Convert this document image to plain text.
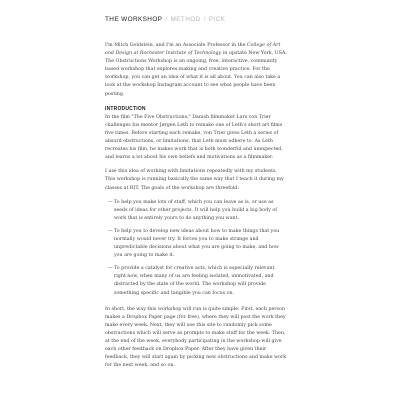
THE WORKSHOP / METHOD / PICK

I'm Mitch Goldstein, and I'm an Associate Professor in the College of Art and Design at Rochester Institute of Technology in upstate New York, USA. The Obstructions Workshop is an ongoing, free, interactive, community based workshop that explores making and creative practice. For the workshop, you can get an idea of what it is all about. You can also take a look at the workshop Instagram account to see what people have been posting.

INTRODUCTION

In the film "The Five Obstructions," Danish filmmaker Lars von Trier challenges his mentor Jørgen Leth to remake one of Leth's short art films five times. Before starting each remake, von Trier gives Leth a series of absurd obstructions, or limitations, that Leth must adhere to. As Leth recreates his film, he makes work that is both wonderful and unexpected, and learns a lot about his own beliefs and motivations as a filmmaker.

I use this idea of working with limitations repeatedly with my students. This workshop is running basically the same way that I teach it during my classes at RIT. The goals of the workshop are threefold:

— To help you make lots of stuff, which you can leave as is, or use as seeds of ideas for other projects. It will help you build a big body of work that is entirely yours to do anything you want.
— To help you to develop new ideas about how to make things that you normally would never try. It forces you to make strange and unpredictable decisions about what you are going to make, and how you are going to make it.
— To provide a catalyst for creative acts, which is especially relevant right now, when many of us are feeling isolated, unmotivated, and distracted by the state of the world. The workshop will provide something specific and tangible you can focus on.

In short, the way this workshop will run is quite simple: First, each person makes a Dropbox Paper page (for free), where they will post the work they make every week. Next, they will use this site to randomly pick some obstructions which will serve as prompts to make stuff for the week. Then, at the end of the week, everybody participating in the workshop will give each other feedback on Dropbox Paper. After they have given their feedback, they will start again by picking new obstructions and make work for the next week, and so on.
